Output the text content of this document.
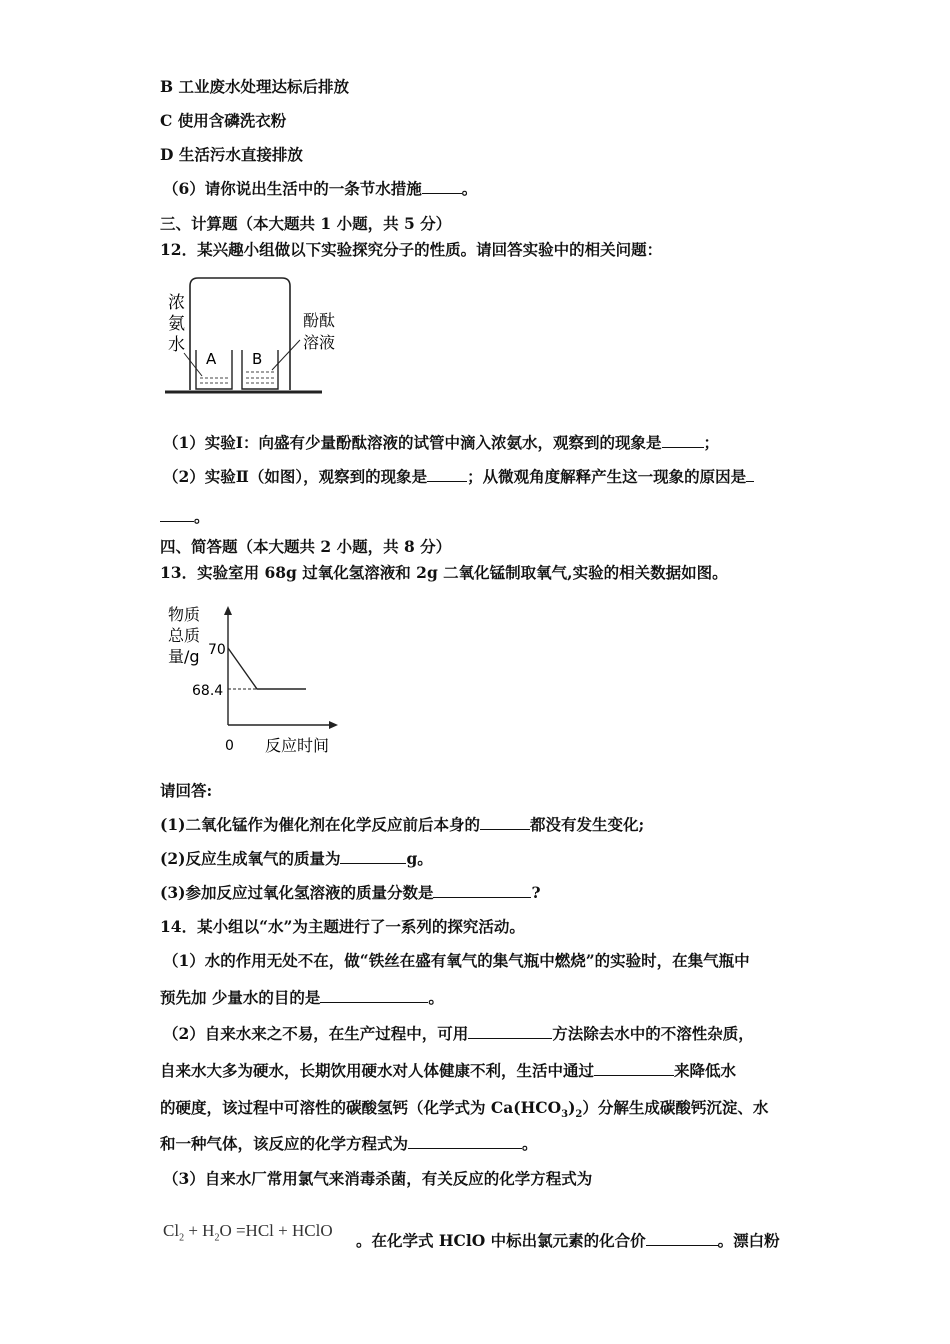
B 工业废水处理达标后排放
C 使用含磷洗衣粉
D 生活污水直接排放
（6）请你说出生活中的一条节水措施	。
三、计算题（本大题共 1 小题，共 5 分）
12．某兴趣小组做以下实验探究分子的性质。请回答实验中的相关问题：
A B
浓
氨
水
酚酞
溶液
（1）实验Ⅰ：向盛有少量酚酞溶液的试管中滴入浓氨水，观察到的现象是	；
（2）实验Ⅱ（如图），观察到的现象是	；从微观角度解释产生这一现象的原因是
。
四、简答题（本大题共 2 小题，共 8 分）
13．实验室用 68g 过氧化氢溶液和 2g 二氧化锰制取氧气,实验的相关数据如图。
物质
总质
量/g 70
68.4
0 反应时间
请回答:
(1)二氧化锰作为催化剂在化学反应前后本身的	都没有发生变化;
(2)反应生成氧气的质量为	g。
(3)参加反应过氧化氢溶液的质量分数是	?
14．某小组以“水”为主题进行了一系列的探究活动。
（1）水的作用无处不在，做“铁丝在盛有氧气的集气瓶中燃烧”的实验时，在集气瓶中
预先加 少量水的目的是	。
（2）自来水来之不易，在生产过程中，可用	方法除去水中的不溶性杂质，
自来水大多为硬水，长期饮用硬水对人体健康不利，生活中通过	来降低水
的硬度，该过程中可溶性的碳酸氢钙（化学式为 $Ca(HCO_3)_2$）分解生成碳酸钙沉淀、水
和一种气体，该反应的化学方程式为	。
（3）自来水厂常用氯气来消毒杀菌，有关反应的化学方程式为
$Cl_2 + H_2O =HCl$ + HClO
。在化学式 HClO 中标出氯元素的化合价	。漂白粉
